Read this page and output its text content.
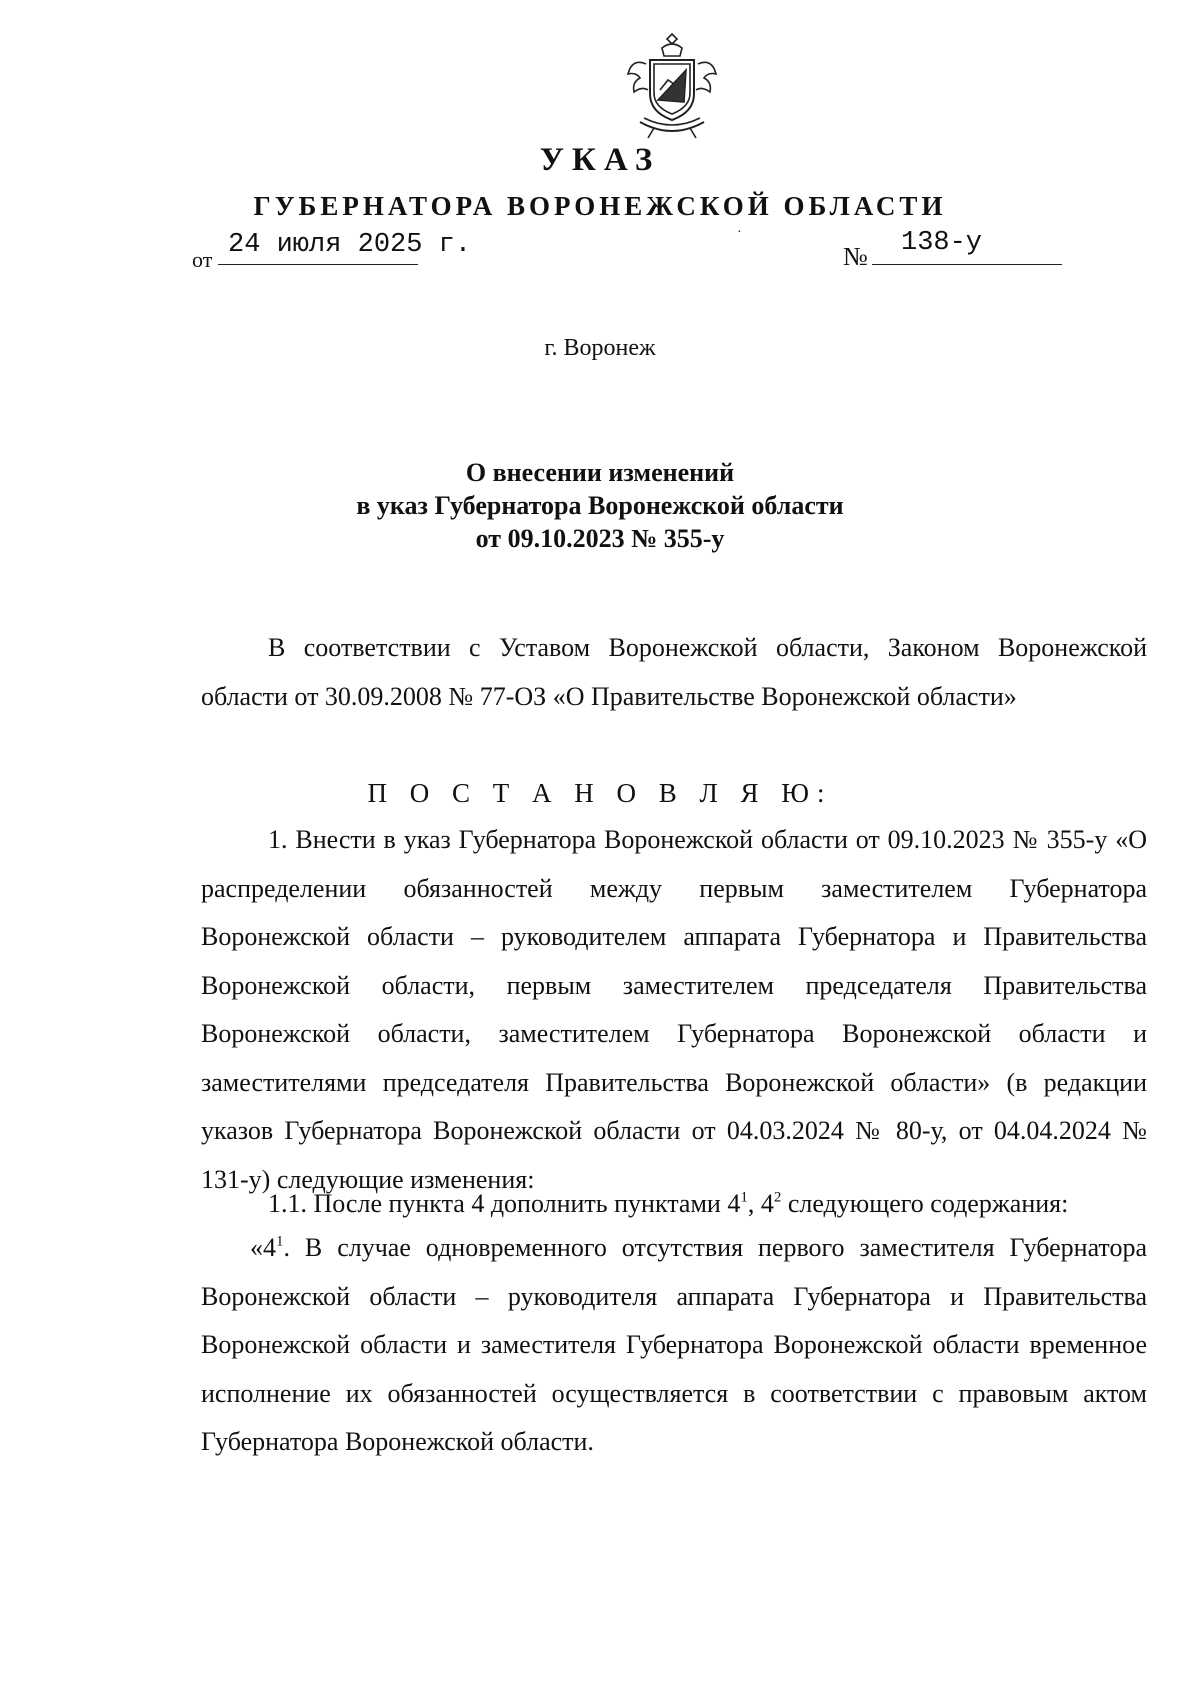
УКАЗ
ГУБЕРНАТОРА ВОРОНЕЖСКОЙ ОБЛАСТИ
от 24 июля 2025 г.	·
№ 138-у
г. Воронеж
О внесении изменений
в указ Губернатора Воронежской области
от 09.10.2023 № 355-у
В соответствии с Уставом Воронежской области, Законом Воронежской области от 30.09.2008 № 77-ОЗ «О Правительстве Воронежской области»
П О С Т А Н О В Л Я Ю:
1. Внести в указ Губернатора Воронежской области от 09.10.2023 № 355-у «О распределении обязанностей между первым заместителем Губернатора Воронежской области – руководителем аппарата Губернатора и Правительства Воронежской области, первым заместителем председателя Правительства Воронежской области, заместителем Губернатора Воронежской области и заместителями председателя Правительства Воронежской области» (в редакции указов Губернатора Воронежской области от 04.03.2024 № 80-у, от 04.04.2024 № 131-у) следующие изменения:
1.1. После пункта 4 дополнить пунктами $4^1$, $4^2$ следующего содержания:
«$4^1$. В случае одновременного отсутствия первого заместителя Губернатора Воронежской области – руководителя аппарата Губернатора и Правительства Воронежской области и заместителя Губернатора Воронежской области временное исполнение их обязанностей осуществляется в соответствии с правовым актом Губернатора Воронежской области.
